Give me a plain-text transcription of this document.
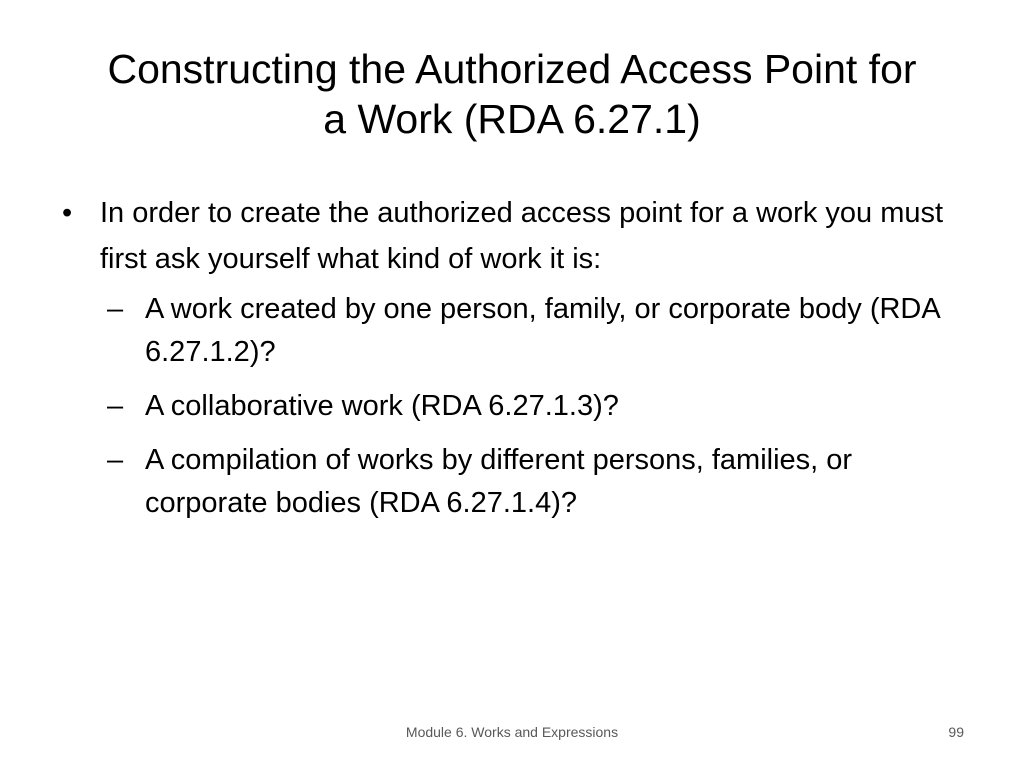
Constructing the Authorized Access Point for
a Work (RDA 6.27.1)
• In order to create the authorized access point for a work you must first ask yourself what kind of work it is:
– A work created by one person, family, or corporate body (RDA 6.27.1.2)?
– A collaborative work (RDA 6.27.1.3)?
– A compilation of works by different persons, families, or corporate bodies (RDA 6.27.1.4)?
Module 6. Works and Expressions	99
